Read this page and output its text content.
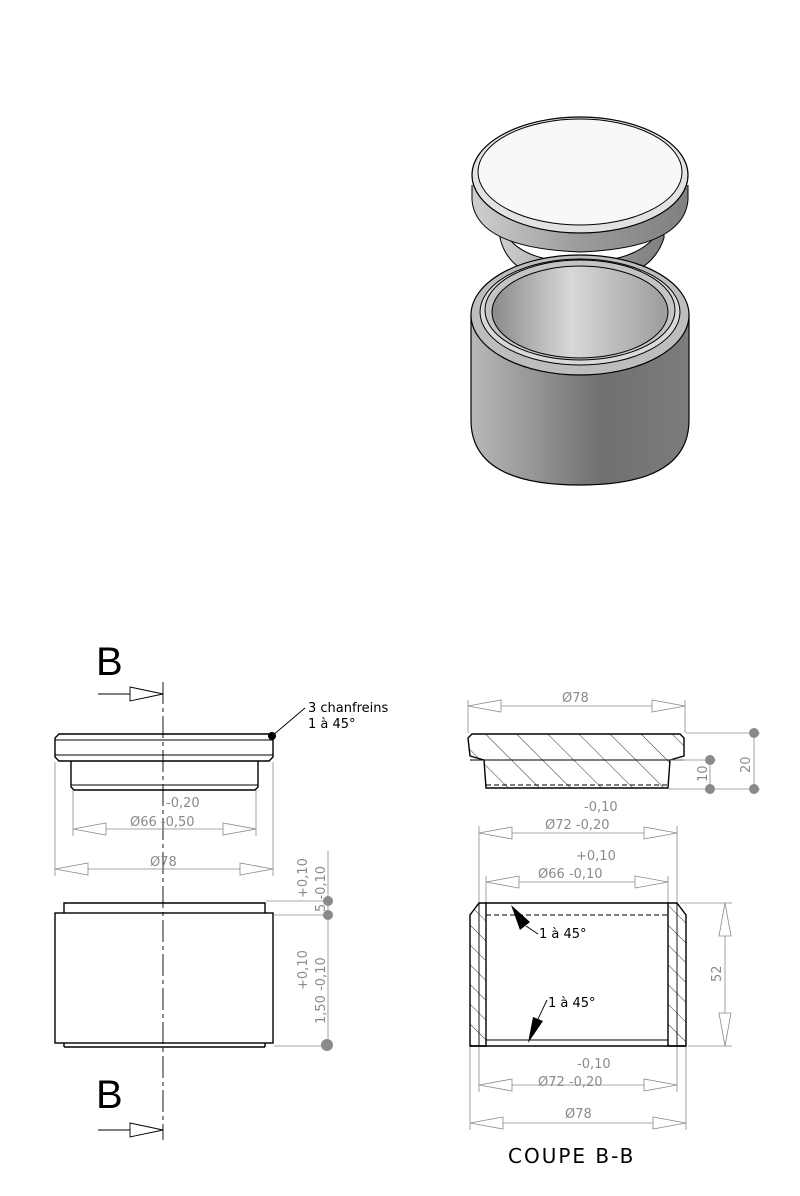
B
B
3 chanfreins
1 à 45°
-0,20
Ø66 -0,50
Ø78	+0,10 5 -0,10
+0,10 1,50 -0,10
Ø78
10
20
-0,10
Ø72 -0,20
+0,10
Ø66 -0,10
1 à 45°
1 à 45°
52
-0,10
Ø72 -0,20
Ø78
COUPE B-B
